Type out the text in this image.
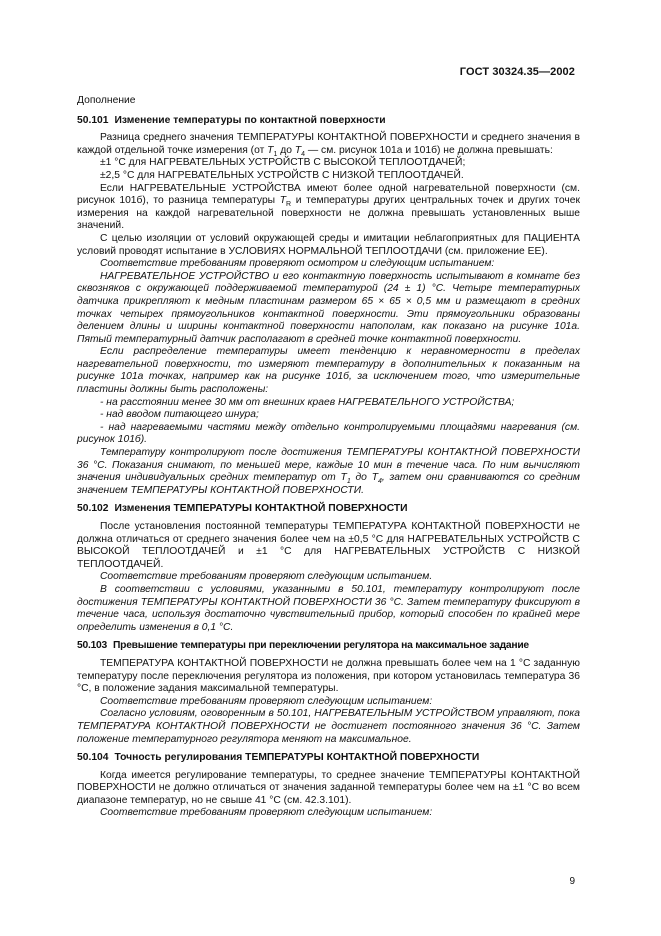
ГОСТ 30324.35—2002

Дополнение

50.101 Изменение температуры по контактной поверхности

Разница среднего значения ТЕМПЕРАТУРЫ КОНТАКТНОЙ ПОВЕРХНОСТИ и среднего значения в каждой отдельной точке измерения (от $T_1$ до $T_4$ — см. рисунок 101а и 101б) не должна превышать:

±1 °С для НАГРЕВАТЕЛЬНЫХ УСТРОЙСТВ С ВЫСОКОЙ ТЕПЛООТДАЧЕЙ;

±2,5 °С для НАГРЕВАТЕЛЬНЫХ УСТРОЙСТВ С НИЗКОЙ ТЕПЛООТДАЧЕЙ.

Если НАГРЕВАТЕЛЬНЫЕ УСТРОЙСТВА имеют более одной нагревательной поверхности (см. рисунок 101б), то разница температуры $T_R$ и температуры других центральных точек и других точек измерения на каждой нагревательной поверхности не должна превышать установленных выше значений.

С целью изоляции от условий окружающей среды и имитации неблагоприятных для ПАЦИЕНТА условий проводят испытание в УСЛОВИЯХ НОРМАЛЬНОЙ ТЕПЛООТДАЧИ (см. приложение ЕЕ).

Соответствие требованиям проверяют осмотром и следующим испытанием:

НАГРЕВАТЕЛЬНОЕ УСТРОЙСТВО и его контактную поверхность испытывают в комнате без сквозняков с окружающей поддерживаемой температурой (24 ± 1) °С. Четыре температурных датчика прикрепляют к медным пластинам размером 65 × 65 × 0,5 мм и размещают в средних точках четырех прямоугольников контактной поверхности. Эти прямоугольники образованы делением длины и ширины контактной поверхности напополам, как показано на рисунке 101а. Пятый температурный датчик располагают в средней точке контактной поверхности.

Если распределение температуры имеет тенденцию к неравномерности в пределах нагревательной поверхности, то измеряют температуру в дополнительных к показанным на рисунке 101а точках, например как на рисунке 101б, за исключением того, что измерительные пластины должны быть расположены:

- на расстоянии менее 30 мм от внешних краев НАГРЕВАТЕЛЬНОГО УСТРОЙСТВА;

- над вводом питающего шнура;

- над нагреваемыми частями между отдельно контролируемыми площадями нагревания (см. рисунок 101б).

Температуру контролируют после достижения ТЕМПЕРАТУРЫ КОНТАКТНОЙ ПОВЕРХНОСТИ 36 °С. Показания снимают, по меньшей мере, каждые 10 мин в течение часа. По ним вычисляют значения индивидуальных средних температур от $T_1$ до $T_4$, затем они сравниваются со средним значением ТЕМПЕРАТУРЫ КОНТАКТНОЙ ПОВЕРХНОСТИ.

50.102 Изменения ТЕМПЕРАТУРЫ КОНТАКТНОЙ ПОВЕРХНОСТИ

После установления постоянной температуры ТЕМПЕРАТУРА КОНТАКТНОЙ ПОВЕРХНОСТИ не должна отличаться от среднего значения более чем на ±0,5 °С для НАГРЕВАТЕЛЬНЫХ УСТРОЙСТВ С ВЫСОКОЙ ТЕПЛООТДАЧЕЙ и ±1 °С для НАГРЕВАТЕЛЬНЫХ УСТРОЙСТВ С НИЗКОЙ ТЕПЛООТДАЧЕЙ.

Соответствие требованиям проверяют следующим испытанием.

В соответствии с условиями, указанными в 50.101, температуру контролируют после достижения ТЕМПЕРАТУРЫ КОНТАКТНОЙ ПОВЕРХНОСТИ 36 °С. Затем температуру фиксируют в течение часа, используя достаточно чувствительный прибор, который способен по крайней мере определить изменения в 0,1 °С.

50.103 Превышение температуры при переключении регулятора на максимальное задание

ТЕМПЕРАТУРА КОНТАКТНОЙ ПОВЕРХНОСТИ не должна превышать более чем на 1 °С заданную температуру после переключения регулятора из положения, при котором установилась температура 36 °С, в положение задания максимальной температуры.

Соответствие требованиям проверяют следующим испытанием:

Согласно условиям, оговоренным в 50.101, НАГРЕВАТЕЛЬНЫМ УСТРОЙСТВОМ управляют, пока ТЕМПЕРАТУРА КОНТАКТНОЙ ПОВЕРХНОСТИ не достигнет постоянного значения 36 °С. Затем положение температурного регулятора меняют на максимальное.

50.104 Точность регулирования ТЕМПЕРАТУРЫ КОНТАКТНОЙ ПОВЕРХНОСТИ

Когда имеется регулирование температуры, то среднее значение ТЕМПЕРАТУРЫ КОНТАКТНОЙ ПОВЕРХНОСТИ не должно отличаться от значения заданной температуры более чем на ±1 °С во всем диапазоне температур, но не свыше 41 °С (см. 42.3.101).

Соответствие требованиям проверяют следующим испытанием:

9
